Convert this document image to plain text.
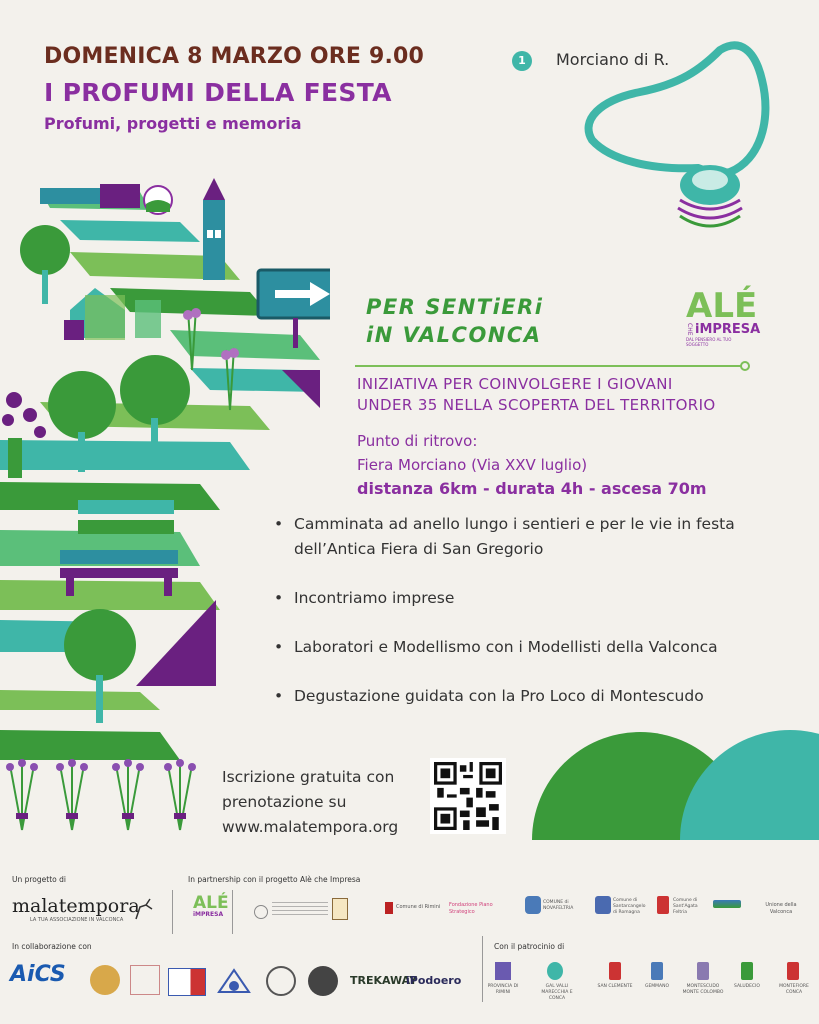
DOMENICA 8 MARZO ORE 9.00
I PROFUMI DELLA FESTA
Profumi, progetti e memoria
1	Morciano di R.
PER SENTiERi
iN VALCONCA
ALÉ
CHE iMPRESA
DAL PENSIERO AL TUO SOGGETTO
INIZIATIVA PER COINVOLGERE I GIOVANI
UNDER 35 NELLA SCOPERTA DEL TERRITORIO
Punto di ritrovo:
Fiera Morciano (Via XXV luglio)
distanza 6km - durata 4h - ascesa 70m
• Camminata ad anello lungo i sentieri e per le vie in festa dell’Antica Fiera di San Gregorio
• Incontriamo imprese
• Laboratori e Modellismo con i Modellisti della Valconca
• Degustazione guidata con la Pro Loco di Montescudo
Iscrizione gratuita con
prenotazione su
www.malatempora.org
Un progetto di
malatempora
LA TUA ASSOCIAZIONE IN VALCONCA
In partnership con il progetto Alè che Impresa
ALÉ
iMPRESA
Comune di Rimini Fondazione Piano Strategico
COMUNE di NOVAFELTRIA
Comune di Santarcangelo di Romagna
Comune di Sant'Agata Feltria
Unione della Valconca
In collaborazione con
AiCS	TREKAWAY
iPodoero
Con il patrocinio di
PROVINCIA DI RIMINI
GAL VALLI MARECCHIA E CONCA
SAN CLEMENTE	GEMMANO	MONTESCUDO MONTE COLOMBO
SALUDECIO	MONTEFIORE CONCA
